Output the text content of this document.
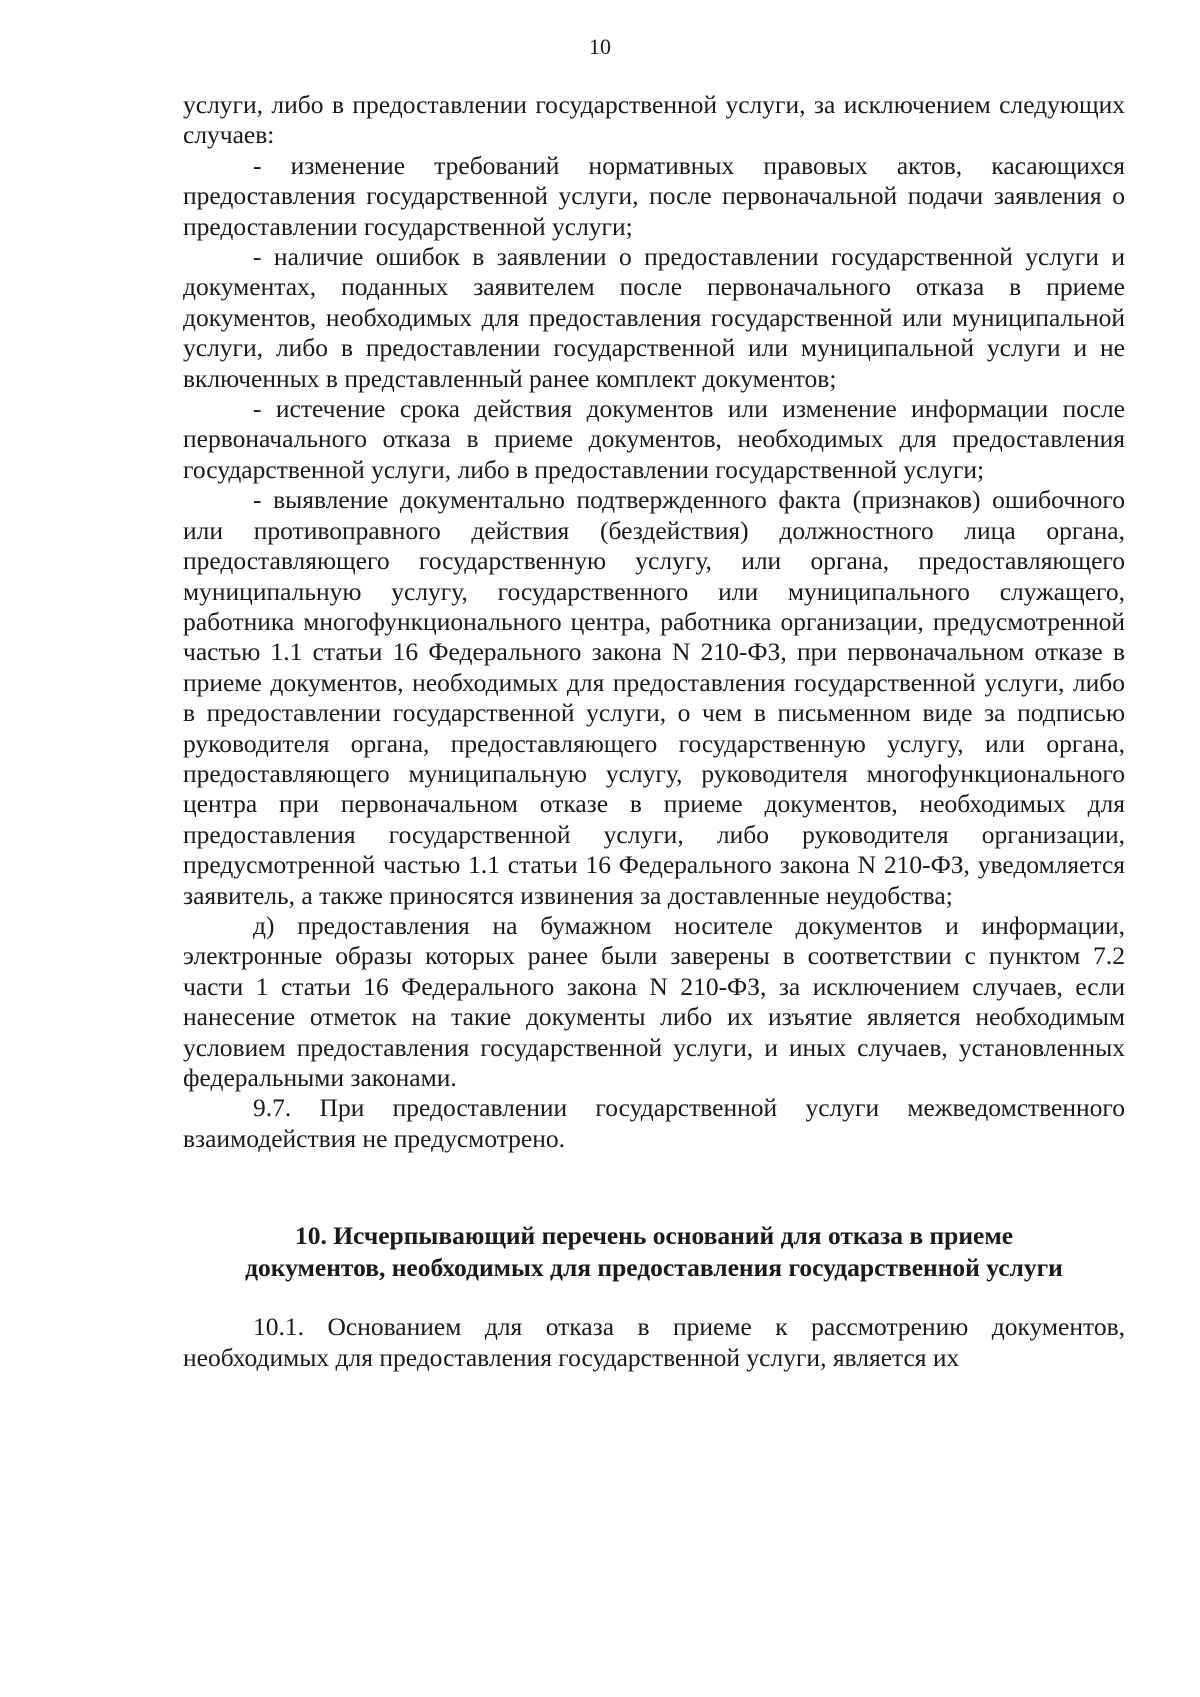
10

услуги, либо в предоставлении государственной услуги, за исключением следующих случаев:

- изменение требований нормативных правовых актов, касающихся предоставления государственной услуги, после первоначальной подачи заявления о предоставлении государственной услуги;

- наличие ошибок в заявлении о предоставлении государственной услуги и документах, поданных заявителем после первоначального отказа в приеме документов, необходимых для предоставления государственной или муниципальной услуги, либо в предоставлении государственной или муниципальной услуги и не включенных в представленный ранее комплект документов;

- истечение срока действия документов или изменение информации после первоначального отказа в приеме документов, необходимых для предоставления государственной услуги, либо в предоставлении государственной услуги;

- выявление документально подтвержденного факта (признаков) ошибочного или противоправного действия (бездействия) должностного лица органа, предоставляющего государственную услугу, или органа, предоставляющего муниципальную услугу, государственного или муниципального служащего, работника многофункционального центра, работника организации, предусмотренной частью 1.1 статьи 16 Федерального закона N 210-ФЗ, при первоначальном отказе в приеме документов, необходимых для предоставления государственной услуги, либо в предоставлении государственной услуги, о чем в письменном виде за подписью руководителя органа, предоставляющего государственную услугу, или органа, предоставляющего муниципальную услугу, руководителя многофункционального центра при первоначальном отказе в приеме документов, необходимых для предоставления государственной услуги, либо руководителя организации, предусмотренной частью 1.1 статьи 16 Федерального закона N 210-ФЗ, уведомляется заявитель, а также приносятся извинения за доставленные неудобства;

д) предоставления на бумажном носителе документов и информации, электронные образы которых ранее были заверены в соответствии с пунктом 7.2 части 1 статьи 16 Федерального закона N 210-ФЗ, за исключением случаев, если нанесение отметок на такие документы либо их изъятие является необходимым условием предоставления государственной услуги, и иных случаев, установленных федеральными законами.

9.7. При предоставлении государственной услуги межведомственного взаимодействия не предусмотрено.

10. Исчерпывающий перечень оснований для отказа в приеме
документов, необходимых для предоставления государственной услуги

10.1. Основанием для отказа в приеме к рассмотрению документов, необходимых для предоставления государственной услуги, является их
